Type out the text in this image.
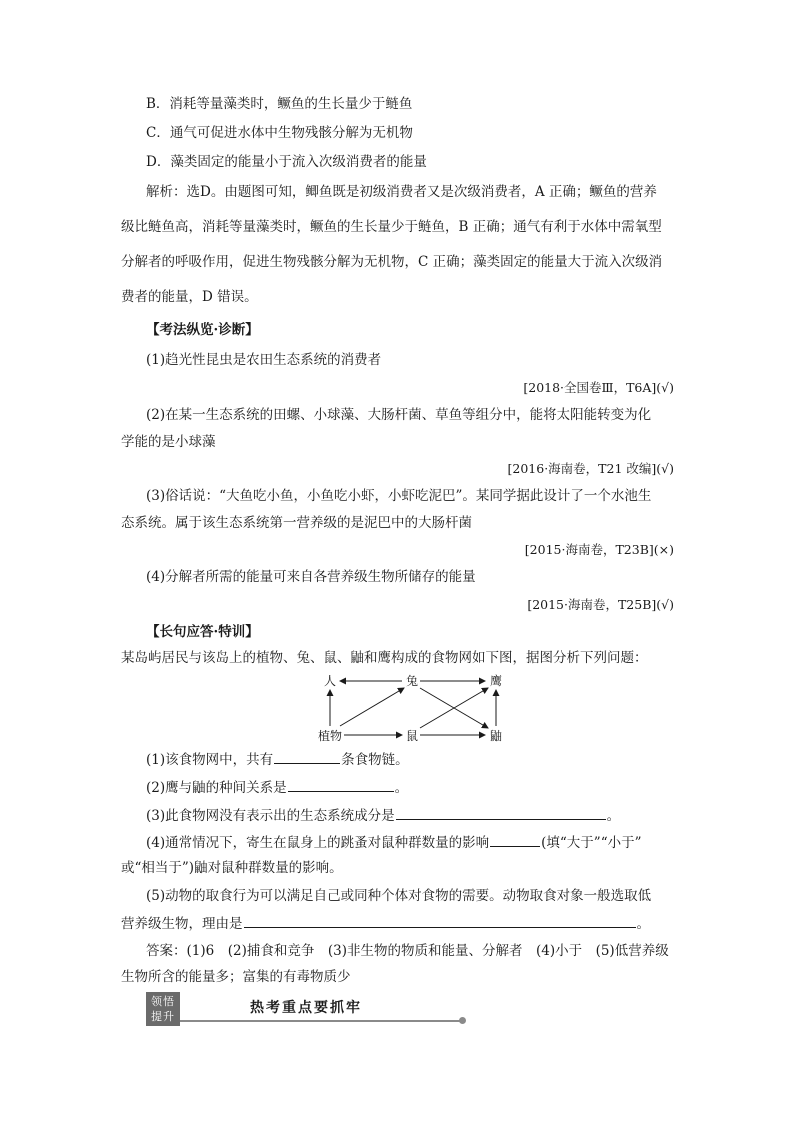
B．消耗等量藻类时，鳜鱼的生长量少于鲢鱼
C．通气可促进水体中生物残骸分解为无机物
D．藻类固定的能量小于流入次级消费者的能量
解析：选D。由题图可知，鲫鱼既是初级消费者又是次级消费者，A 正确；鳜鱼的营养
级比鲢鱼高，消耗等量藻类时，鳜鱼的生长量少于鲢鱼，B 正确；通气有利于水体中需氧型
分解者的呼吸作用，促进生物残骸分解为无机物，C 正确；藻类固定的能量大于流入次级消
费者的能量，D 错误。
【考法纵览·诊断】
(1)趋光性昆虫是农田生态系统的消费者
[2018·全国卷Ⅲ，T6A](√)
(2)在某一生态系统的田螺、小球藻、大肠杆菌、草鱼等组分中，能将太阳能转变为化
学能的是小球藻
[2016·海南卷，T21 改编](√)
(3)俗话说：“大鱼吃小鱼，小鱼吃小虾，小虾吃泥巴”。某同学据此设计了一个水池生
态系统。属于该生态系统第一营养级的是泥巴中的大肠杆菌
[2015·海南卷，T23B](×)
(4)分解者所需的能量可来自各营养级生物所储存的能量
[2015·海南卷，T25B](√)
【长句应答·特训】
某岛屿居民与该岛上的植物、兔、鼠、鼬和鹰构成的食物网如下图，据图分析下列问题：
人	兔	鹰
植物	鼠	鼬
(1)该食物网中，共有	条食物链。
(2)鹰与鼬的种间关系是	。
(3)此食物网没有表示出的生态系统成分是	。
(4)通常情况下，寄生在鼠身上的跳蚤对鼠种群数量的影响	(填“大于”“小于”
或“相当于”)鼬对鼠种群数量的影响。
(5)动物的取食行为可以满足自己或同种个体对食物的需要。动物取食对象一般选取低
营养级生物，理由是	。
答案：(1)6　(2)捕食和竞争　(3)非生物的物质和能量、分解者　(4)小于　(5)低营养级
生物所含的能量多；富集的有毒物质少
领悟
提升
热考重点要抓牢
